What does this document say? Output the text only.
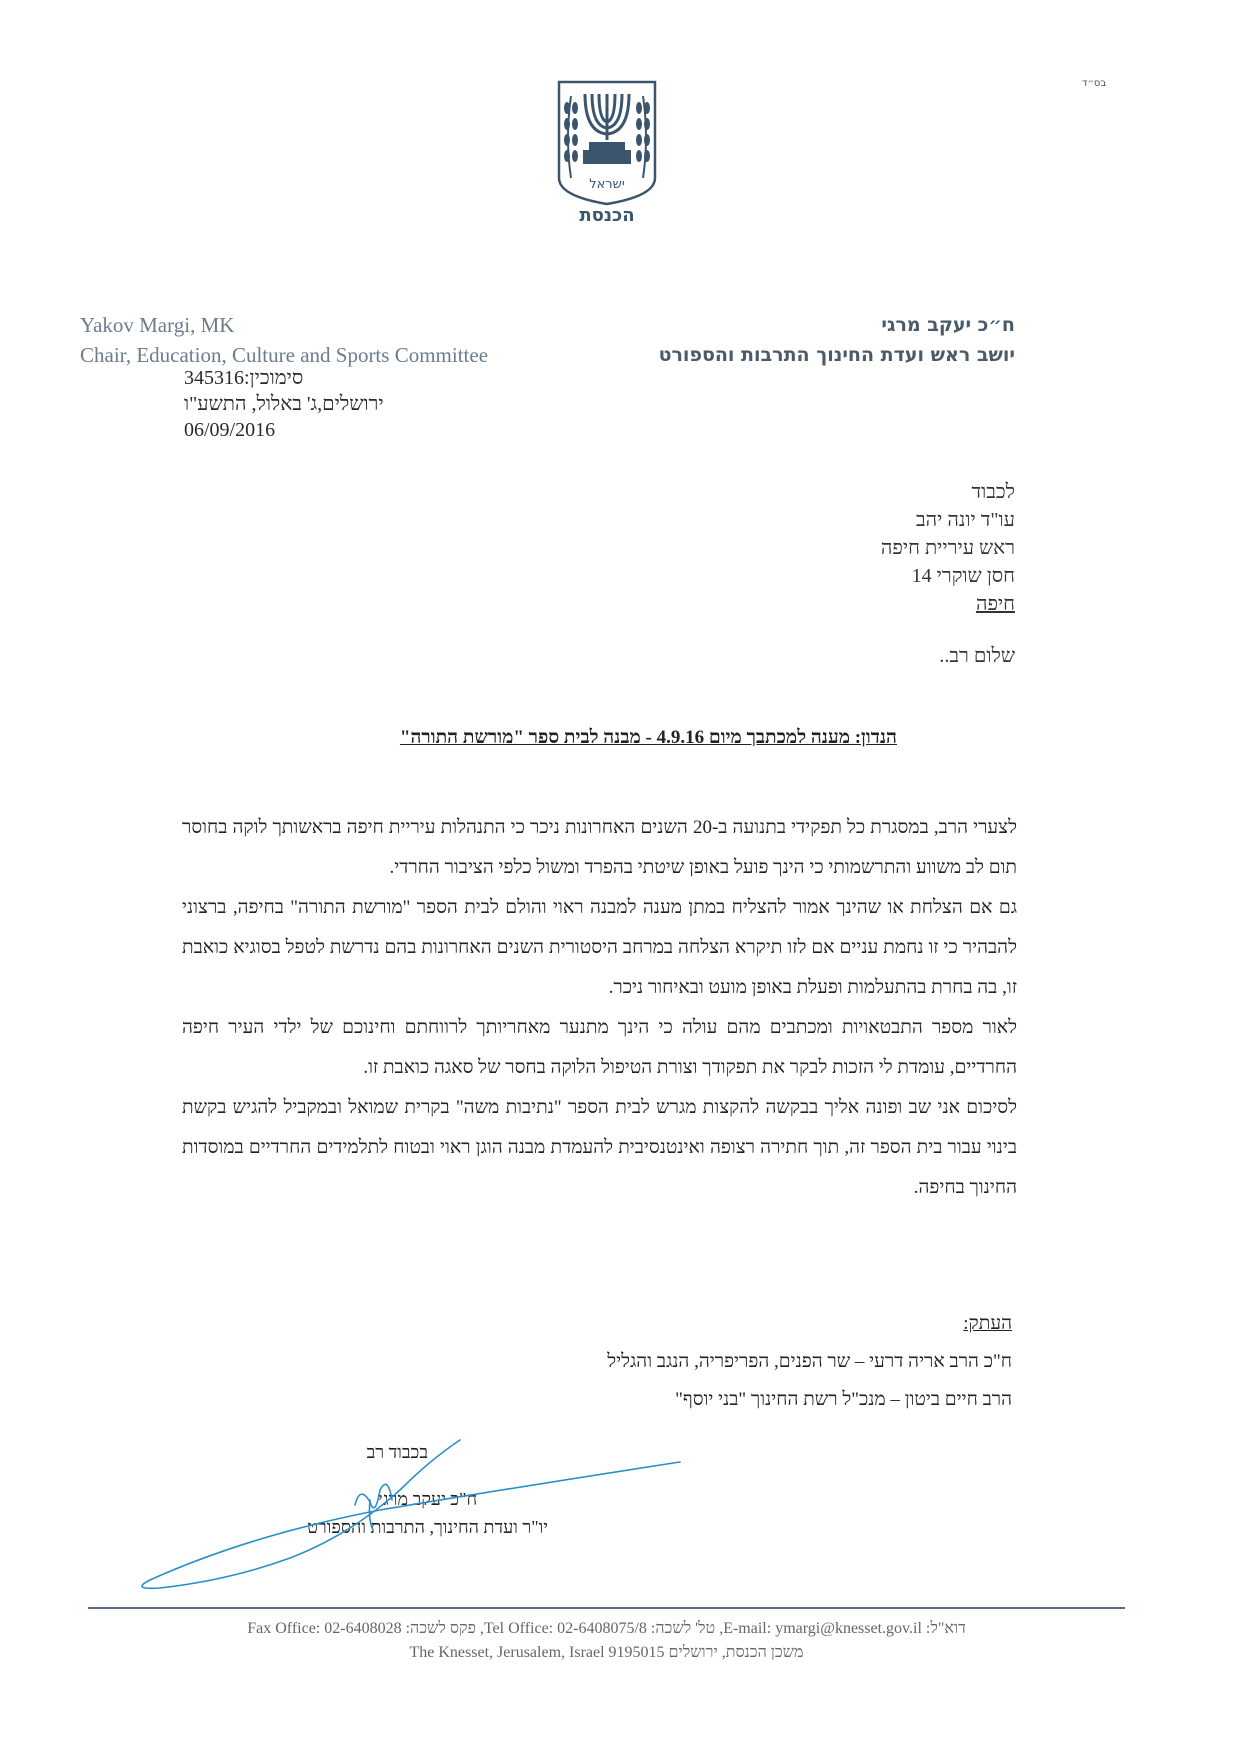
בס״ד
ישראל
הכנסת
Yakov Margi, MK
Chair, Education, Culture and Sports Committee
ח״כ יעקב מרגי
יושב ראש ועדת החינוך התרבות והספורט
סימוכין:345316
ירושלים,ג' באלול, התשע"ו
06/09/2016
לכבוד
עו"ד יונה יהב
ראש עיריית חיפה
חסן שוקרי 14
חיפה
שלום רב..
הנדון: מענה למכתבך מיום 4.9.16 - מבנה לבית ספר "מורשת התורה"

לצערי הרב, במסגרת כל תפקידי בתנועה ב-20 השנים האחרונות ניכר כי התנהלות עיריית חיפה בראשותך לוקה בחוסר תום לב משווע והתרשמותי כי הינך פועל באופן שיטתי בהפרד ומשול כלפי הציבור החרדי.

גם אם הצלחת או שהינך אמור להצליח במתן מענה למבנה ראוי והולם לבית הספר "מורשת התורה" בחיפה, ברצוני להבהיר כי זו נחמת עניים אם לזו תיקרא הצלחה במרחב היסטורית השנים האחרונות בהם נדרשת לטפל בסוגיא כואבת זו, בה בחרת בהתעלמות ופעלת באופן מועט ובאיחור ניכר.

לאור מספר התבטאויות ומכתבים מהם עולה כי הינך מתנער מאחריותך לרווחתם וחינוכם של ילדי העיר חיפה החרדיים, עומדת לי הזכות לבקר את תפקודך וצורת הטיפול הלוקה בחסר של סאגה כואבת זו.

לסיכום אני שב ופונה אליך בבקשה להקצות מגרש לבית הספר "נתיבות משה" בקרית שמואל ובמקביל להגיש בקשת בינוי עבור בית הספר זה, תוך חתירה רצופה ואינטנסיבית להעמדת מבנה הוגן ראוי ובטוח לתלמידים החרדיים במוסדות החינוך בחיפה.

העתק:
ח"כ הרב אריה דרעי – שר הפנים, הפריפריה, הנגב והגליל
הרב חיים ביטון – מנכ"ל רשת החינוך "בני יוסף"
בכבוד רב
ח"כ יעקב מרגי
יו"ר ועדת החינוך, התרבות והספורט
דוא"ל: E-mail: ymargi@knesset.gov.il, טל' לשכה: Tel Office: 02-6408075/8, פקס לשכה: Fax Office: 02-6408028
משכן הכנסת, ירושלים The Knesset, Jerusalem, Israel 9195015
